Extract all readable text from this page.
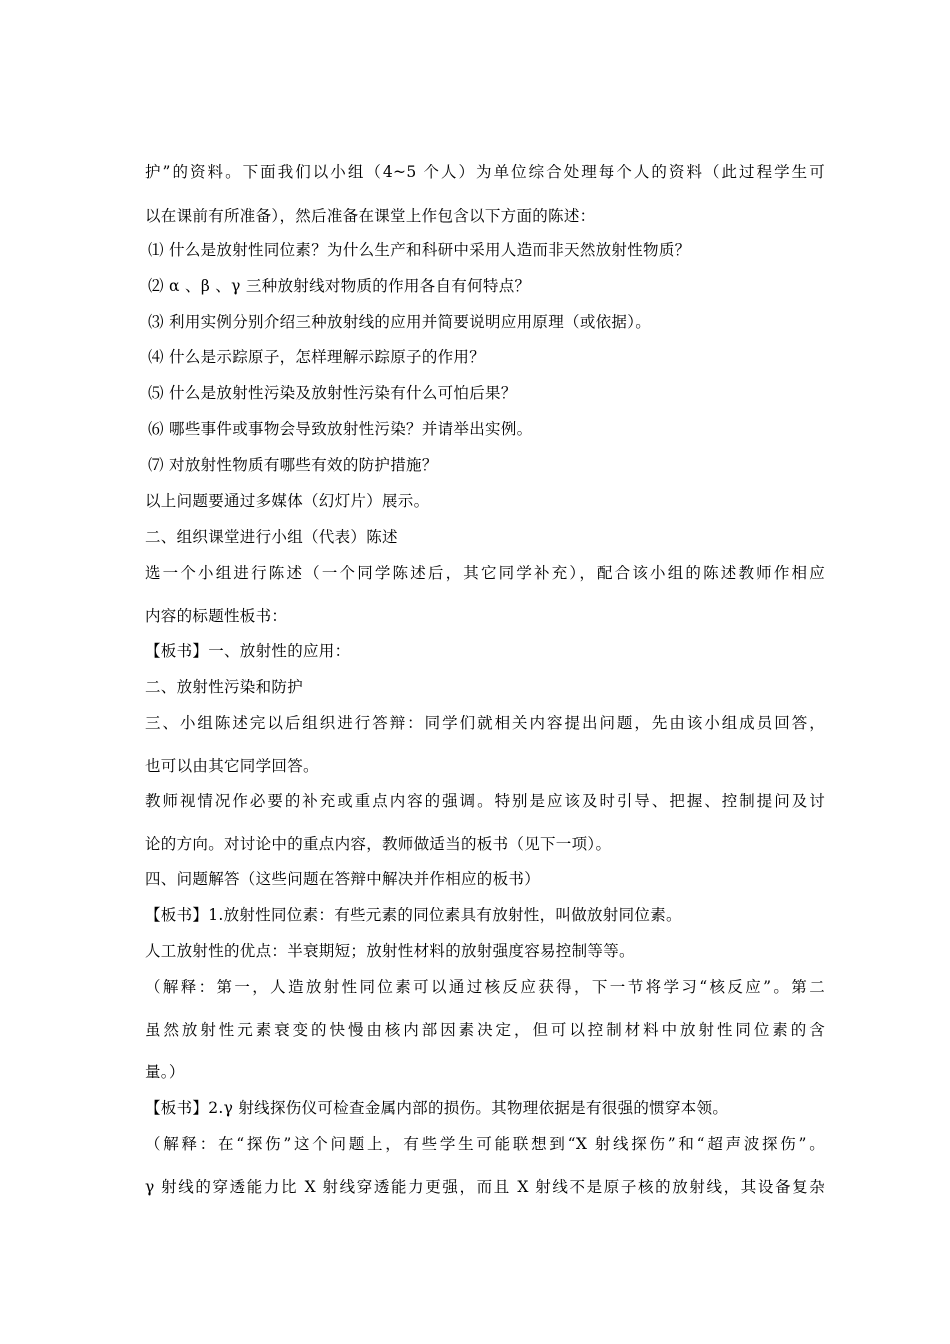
护”的资料。下面我们以小组（4~5 个人）为单位综合处理每个人的资料（此过程学生可
以在课前有所准备），然后准备在课堂上作包含以下方面的陈述：
⑴ 什么是放射性同位素？为什么生产和科研中采用人造而非天然放射性物质？
⑵ α 、β 、γ 三种放射线对物质的作用各自有何特点？
⑶ 利用实例分别介绍三种放射线的应用并简要说明应用原理（或依据）。
⑷ 什么是示踪原子，怎样理解示踪原子的作用？
⑸ 什么是放射性污染及放射性污染有什么可怕后果？
⑹ 哪些事件或事物会导致放射性污染？并请举出实例。
⑺ 对放射性物质有哪些有效的防护措施？
以上问题要通过多媒体（幻灯片）展示。
二、组织课堂进行小组（代表）陈述
选一个小组进行陈述（一个同学陈述后，其它同学补充），配合该小组的陈述教师作相应
内容的标题性板书：
【板书】一、放射性的应用：
二、放射性污染和防护
三、小组陈述完以后组织进行答辩：同学们就相关内容提出问题，先由该小组成员回答，
也可以由其它同学回答。
教师视情况作必要的补充或重点内容的强调。特别是应该及时引导、把握、控制提问及讨
论的方向。对讨论中的重点内容，教师做适当的板书（见下一项）。
四、问题解答（这些问题在答辩中解决并作相应的板书）
【板书】1.放射性同位素：有些元素的同位素具有放射性，叫做放射同位素。
人工放射性的优点：半衰期短；放射性材料的放射强度容易控制等等。
（解释：第一，人造放射性同位素可以通过核反应获得，下一节将学习“核反应”。第二
虽然放射性元素衰变的快慢由核内部因素决定，但可以控制材料中放射性同位素的含
量。）
【板书】2.γ 射线探伤仪可检查金属内部的损伤。其物理依据是有很强的惯穿本领。
（解释：在“探伤”这个问题上，有些学生可能联想到“X 射线探伤”和“超声波探伤”。
γ 射线的穿透能力比 X 射线穿透能力更强，而且 X 射线不是原子核的放射线，其设备复杂
